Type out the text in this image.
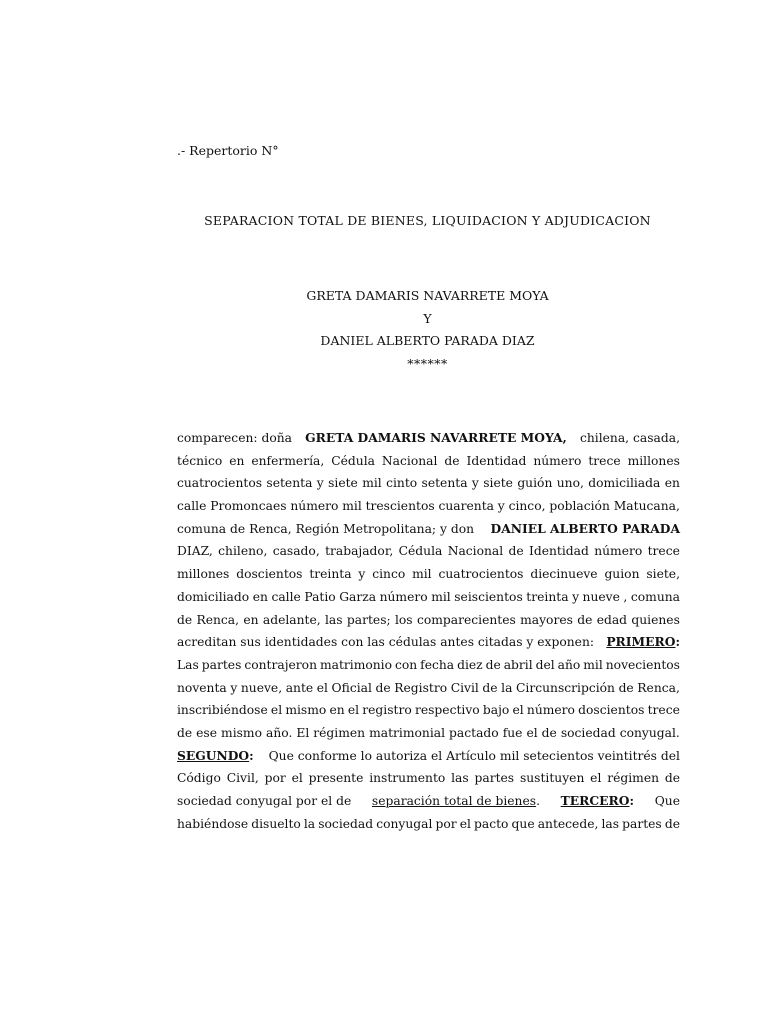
.- Repertorio N°
SEPARACION TOTAL DE BIENES, LIQUIDACION Y ADJUDICACION
GRETA DAMARIS NAVARRETE MOYA
Y
DANIEL ALBERTO PARADA DIAZ
******
comparecen: doña GRETA DAMARIS NAVARRETE MOYA, chilena, casada,
técnico en enfermería, Cédula Nacional de Identidad número trece millones
cuatrocientos setenta y siete mil cinto setenta y siete guión uno, domiciliada en
calle Promoncaes número mil trescientos cuarenta y cinco, población Matucana,
comuna de Renca, Región Metropolitana; y don DANIEL ALBERTO PARADA
DIAZ, chileno, casado, trabajador, Cédula Nacional de Identidad número trece
millones doscientos treinta y cinco mil cuatrocientos diecinueve guion siete,
domiciliado en calle Patio Garza número mil seiscientos treinta y nueve , comuna
de Renca, en adelante, las partes; los comparecientes mayores de edad quienes
acreditan sus identidades con las cédulas antes citadas y exponen: PRIMERO:
Las partes contrajeron matrimonio con fecha diez de abril del año mil novecientos
noventa y nueve, ante el Oficial de Registro Civil de la Circunscripción de Renca,
inscribiéndose el mismo en el registro respectivo bajo el número doscientos trece
de ese mismo año. El régimen matrimonial pactado fue el de sociedad conyugal.
SEGUNDO: Que conforme lo autoriza el Artículo mil setecientos veintitrés del
Código Civil, por el presente instrumento las partes sustituyen el régimen de
sociedad conyugal por el de separación total de bienes. TERCERO: Que
habiéndose disuelto la sociedad conyugal por el pacto que antecede, las partes de
